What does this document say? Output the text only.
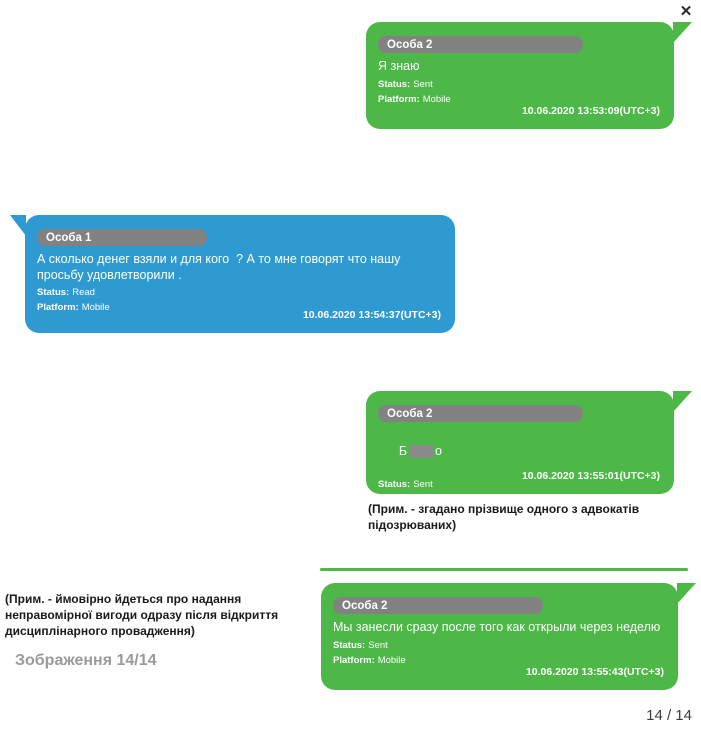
✕
Особа 2
Я знаю
Status: Sent
Platform: Mobile
10.06.2020 13:53:09(UTC+3)
Особа 1
А сколько денег взяли и для кого  ? А то мне говорят что нашу просьбу удовлетворили .
Status: Read
Platform: Mobile
10.06.2020 13:54:37(UTC+3)
Особа 2

Б о

Status: Sent
Platform: Mobile
10.06.2020 13:55:01(UTC+3)
(Прим. - згадано прізвище одного з адвокатів підозрюваних)
(Прим. - ймовірно йдеться про надання неправомірної вигоди одразу після відкриття дисциплінарного провадження)
Зображення 14/14
Особа 2
Мы занесли сразу после того как открыли через неделю
Status: Sent
Platform: Mobile
10.06.2020 13:55:43(UTC+3)
14 / 14
